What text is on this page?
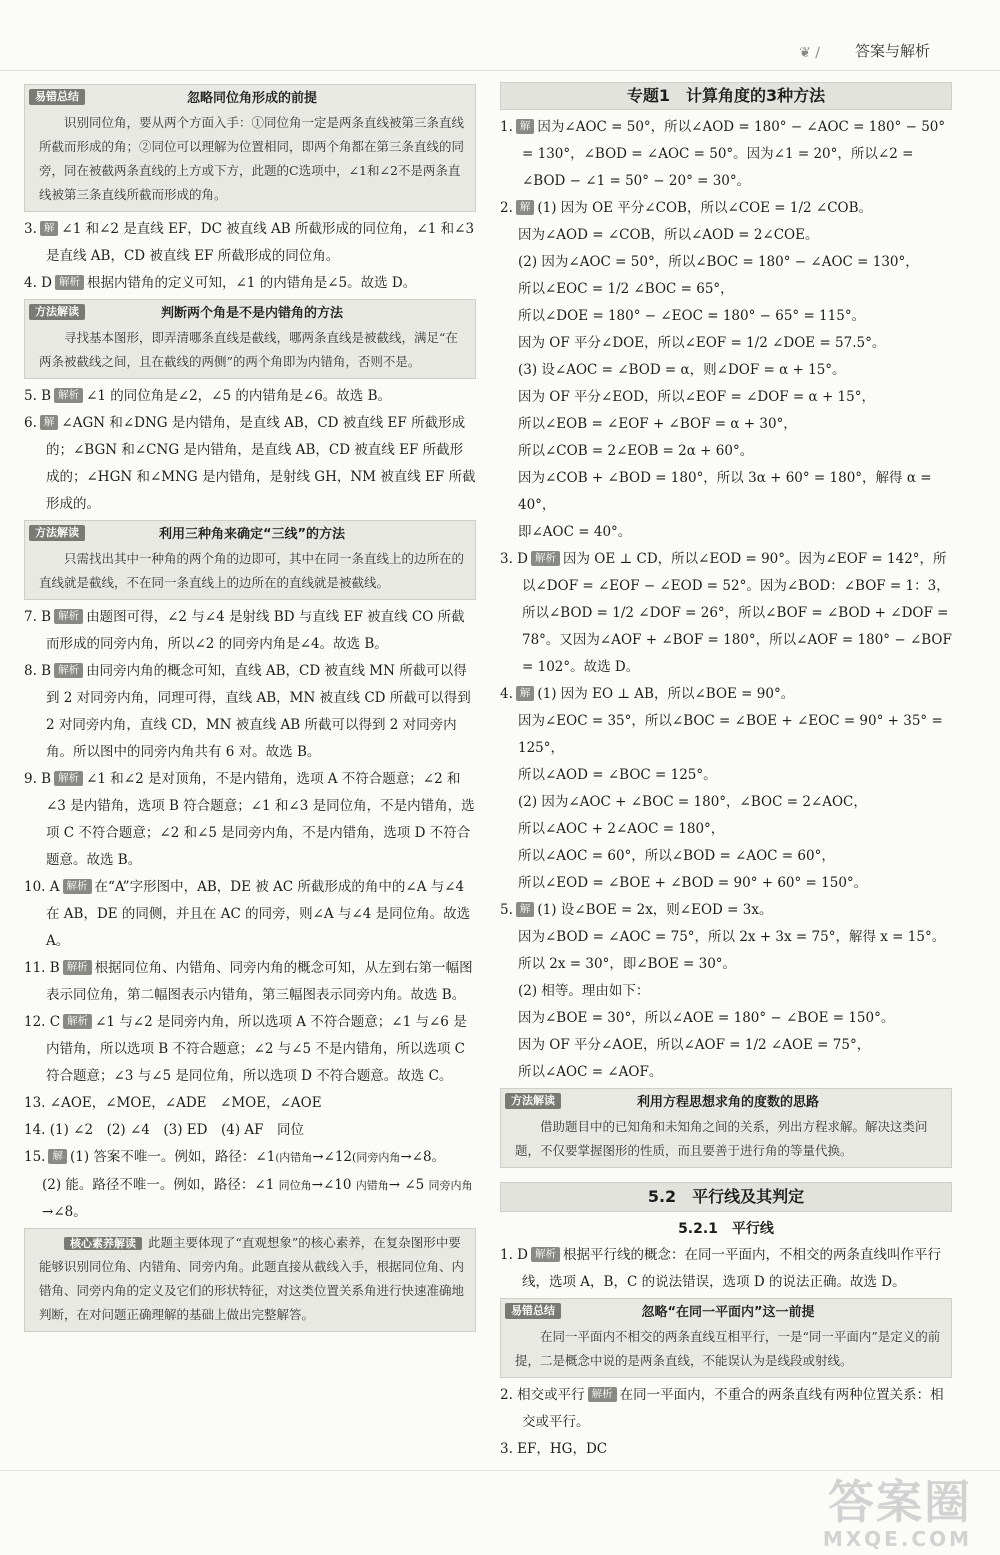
❦ ∕ 答案与解析
易错总结	忽略同位角形成的前提
识别同位角，要从两个方面入手：①同位角一定是两条直线被第三条直线所截而形成的角；②同位可以理解为位置相同，即两个角都在第三条直线的同旁，同在被截两条直线的上方或下方，此题的C选项中，∠1和∠2不是两条直线被第三条直线所截而形成的角。

3. 解 ∠1 和∠2 是直线 EF，DC 被直线 AB 所截形成的同位角，∠1 和∠3 是直线 AB，CD 被直线 EF 所截形成的同位角。

4. D 解析 根据内错角的定义可知，∠1 的内错角是∠5。故选 D。

方法解读	判断两个角是不是内错角的方法
寻找基本图形，即弄清哪条直线是截线，哪两条直线是被截线，满足“在两条被截线之间，且在截线的两侧”的两个角即为内错角，否则不是。

5. B 解析 ∠1 的同位角是∠2，∠5 的内错角是∠6。故选 B。

6. 解 ∠AGN 和∠DNG 是内错角，是直线 AB，CD 被直线 EF 所截形成的；∠BGN 和∠CNG 是内错角，是直线 AB，CD 被直线 EF 所截形成的；∠HGN 和∠MNG 是内错角，是射线 GH，NM 被直线 EF 所截形成的。

方法解读	利用三种角来确定“三线”的方法
只需找出其中一种角的两个角的边即可，其中在同一条直线上的边所在的直线就是截线，不在同一条直线上的边所在的直线就是被截线。

7. B 解析 由题图可得，∠2 与∠4 是射线 BD 与直线 EF 被直线 CO 所截而形成的同旁内角，所以∠2 的同旁内角是∠4。故选 B。

8. B 解析 由同旁内角的概念可知，直线 AB，CD 被直线 MN 所截可以得到 2 对同旁内角，同理可得，直线 AB，MN 被直线 CD 所截可以得到 2 对同旁内角，直线 CD，MN 被直线 AB 所截可以得到 2 对同旁内角。所以图中的同旁内角共有 6 对。故选 B。

9. B 解析 ∠1 和∠2 是对顶角，不是内错角，选项 A 不符合题意；∠2 和∠3 是内错角，选项 B 符合题意；∠1 和∠3 是同位角，不是内错角，选项 C 不符合题意；∠2 和∠5 是同旁内角，不是内错角，选项 D 不符合题意。故选 B。

10. A 解析 在“A”字形图中，AB，DE 被 AC 所截形成的角中的∠A 与∠4 在 AB，DE 的同侧，并且在 AC 的同旁，则∠A 与∠4 是同位角。故选 A。

11. B 解析 根据同位角、内错角、同旁内角的概念可知，从左到右第一幅图表示同位角，第二幅图表示内错角，第三幅图表示同旁内角。故选 B。

12. C 解析 ∠1 与∠2 是同旁内角，所以选项 A 不符合题意；∠1 与∠6 是内错角，所以选项 B 不符合题意；∠2 与∠5 不是内错角，所以选项 C 符合题意；∠3 与∠5 是同位角，所以选项 D 不符合题意。故选 C。

13. ∠AOE，∠MOE，∠ADE　∠MOE，∠AOE

14. (1) ∠2　(2) ∠4　(3) ED　(4) AF　同位

15. 解 (1) 答案不唯一。例如，路径：∠1(内错角→∠12(同旁内角→∠8。

(2) 能。路径不唯一。例如，路径：∠1 同位角→∠10 内错角→ ∠5 同旁内角→∠8。

核心素养解读 此题主要体现了“直观想象”的核心素养，在复杂图形中要能够识别同位角、内错角、同旁内角。此题直接从截线入手，根据同位角、内错角、同旁内角的定义及它们的形状特征，对这类位置关系角进行快速准确地判断，在对问题正确理解的基础上做出完整解答。
专题1　计算角度的3种方法

1. 解 因为∠AOC = 50°，所以∠AOD = 180° − ∠AOC = 180° − 50° = 130°，∠BOD = ∠AOC = 50°。因为∠1 = 20°，所以∠2 = ∠BOD − ∠1 = 50° − 20° = 30°。

2. 解 (1) 因为 OE 平分∠COB，所以∠COE = 1/2 ∠COB。

因为∠AOD = ∠COB，所以∠AOD = 2∠COE。

(2) 因为∠AOC = 50°，所以∠BOC = 180° − ∠AOC = 130°，

所以∠EOC = 1/2 ∠BOC = 65°，

所以∠DOE = 180° − ∠EOC = 180° − 65° = 115°。

因为 OF 平分∠DOE，所以∠EOF = 1/2 ∠DOE = 57.5°。

(3) 设∠AOC = ∠BOD = α，则∠DOF = α + 15°。

因为 OF 平分∠EOD，所以∠EOF = ∠DOF = α + 15°，

所以∠EOB = ∠EOF + ∠BOF = α + 30°，

所以∠COB = 2∠EOB = 2α + 60°。

因为∠COB + ∠BOD = 180°，所以 3α + 60° = 180°，解得 α = 40°，

即∠AOC = 40°。

3. D 解析 因为 OE ⊥ CD，所以∠EOD = 90°。因为∠EOF = 142°，所以∠DOF = ∠EOF − ∠EOD = 52°。因为∠BOD：∠BOF = 1：3，所以∠BOD = 1/2 ∠DOF = 26°，所以∠BOF = ∠BOD + ∠DOF = 78°。又因为∠AOF + ∠BOF = 180°，所以∠AOF = 180° − ∠BOF = 102°。故选 D。

4. 解 (1) 因为 EO ⊥ AB，所以∠BOE = 90°。

因为∠EOC = 35°，所以∠BOC = ∠BOE + ∠EOC = 90° + 35° = 125°，

所以∠AOD = ∠BOC = 125°。

(2) 因为∠AOC + ∠BOC = 180°，∠BOC = 2∠AOC，

所以∠AOC + 2∠AOC = 180°，

所以∠AOC = 60°，所以∠BOD = ∠AOC = 60°，

所以∠EOD = ∠BOE + ∠BOD = 90° + 60° = 150°。

5. 解 (1) 设∠BOE = 2x，则∠EOD = 3x。

因为∠BOD = ∠AOC = 75°，所以 2x + 3x = 75°，解得 x = 15°。

所以 2x = 30°，即∠BOE = 30°。

(2) 相等。理由如下：

因为∠BOE = 30°，所以∠AOE = 180° − ∠BOE = 150°。

因为 OF 平分∠AOE，所以∠AOF = 1/2 ∠AOE = 75°，

所以∠AOC = ∠AOF。

方法解读	利用方程思想求角的度数的思路
借助题目中的已知角和未知角之间的关系，列出方程求解。解决这类问题，不仅要掌握图形的性质，而且要善于进行角的等量代换。
5.2　平行线及其判定
5.2.1　平行线

1. D 解析 根据平行线的概念：在同一平面内，不相交的两条直线叫作平行线，选项 A，B，C 的说法错误，选项 D 的说法正确。故选 D。

易错总结	忽略“在同一平面内”这一前提
在同一平面内不相交的两条直线互相平行，一是“同一平面内”是定义的前提，二是概念中说的是两条直线，不能误认为是线段或射线。

2. 相交或平行 解析 在同一平面内，不重合的两条直线有两种位置关系：相交或平行。

3. EF，HG，DC

答案圈
MXQE.COM
